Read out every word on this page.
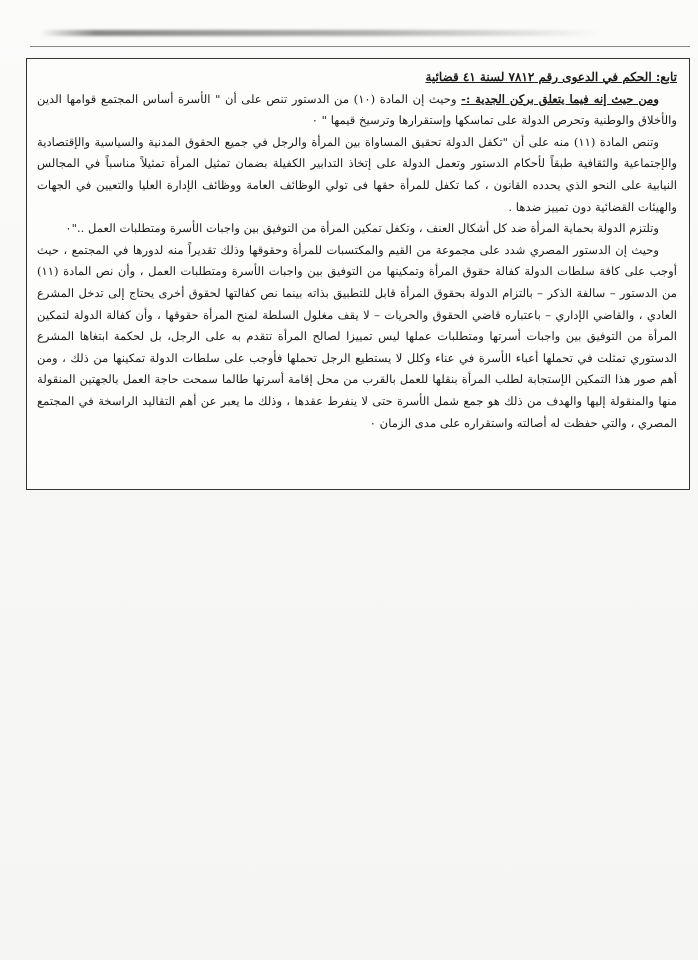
تابع: الحكم في الدعوى رقم ٧٨١٢ لسنة ٤١ قضائية

ومن حيث إنه فيما يتعلق بركن الجدية :- وحيث إن المادة (١٠) من الدستور تنص على أن " الأسرة أساس المجتمع قوامها الدين والأخلاق والوطنية وتحرص الدولة على تماسكها وإستقرارها وترسيخ قيمها " ٠

وتنص المادة (١١) منه على أن "تكفل الدولة تحقيق المساواة بين المرأة والرجل في جميع الحقوق المدنية والسياسية والإقتصادية والإجتماعية والثقافية طبقاً لأحكام الدستور وتعمل الدولة على إتخاذ التدابير الكفيلة بضمان تمثيل المرأة تمثيلاً مناسباً في المجالس النيابية على النحو الذي يحدده القانون ، كما تكفل للمرأة حقها فى تولي الوظائف العامة ووظائف الإدارة العليا والتعيين في الجهات والهيئات القضائية دون تمييز ضدها .

وتلتزم الدولة بحماية المرأة ضد كل أشكال العنف ، وتكفل تمكين المرأة من التوفيق بين واجبات الأسرة ومتطلبات العمل .."٠

وحيث إن الدستور المصري شدد على مجموعة من القيم والمكتسبات للمرأة وحقوقها وذلك تقديراً منه لدورها في المجتمع ، حيث أوجب على كافة سلطات الدولة كفالة حقوق المرأة وتمكينها من التوفيق بين واجبات الأسرة ومتطلبات العمل ، وأن نص المادة (١١) من الدستور – سالفة الذكر – بالتزام الدولة بحقوق المرأة قابل للتطبيق بذاته بينما نص كفالتها لحقوق أخرى يحتاج إلى تدخل المشرع العادي ، والقاضي الإداري – باعتباره قاضي الحقوق والحريات – لا يقف مغلول السلطة لمنح المرأة حقوقها ، وأن كفالة الدولة لتمكين المرأة من التوفيق بين واجبات أسرتها ومتطلبات عملها ليس تمييزا لصالح المرأة تتقدم به على الرجل، بل لحكمة ابتغاها المشرع الدستوري تمثلت في تحملها أعباء الأسرة في عناء وكلل لا يستطيع الرجل تحملها فأوجب على سلطات الدولة تمكينها من ذلك ، ومن أهم صور هذا التمكين الإستجابة لطلب المرأة بنقلها للعمل بالقرب من محل إقامة أسرتها طالما سمحت حاجة العمل بالجهتين المنقولة منها والمنقولة إليها والهدف من ذلك هو جمع شمل الأسرة حتى لا ينفرط عقدها ، وذلك ما يعبر عن أهم التقاليد الراسخة في المجتمع المصري ، والتي حفظت له أصالته واستقراره على مدى الزمان ٠
